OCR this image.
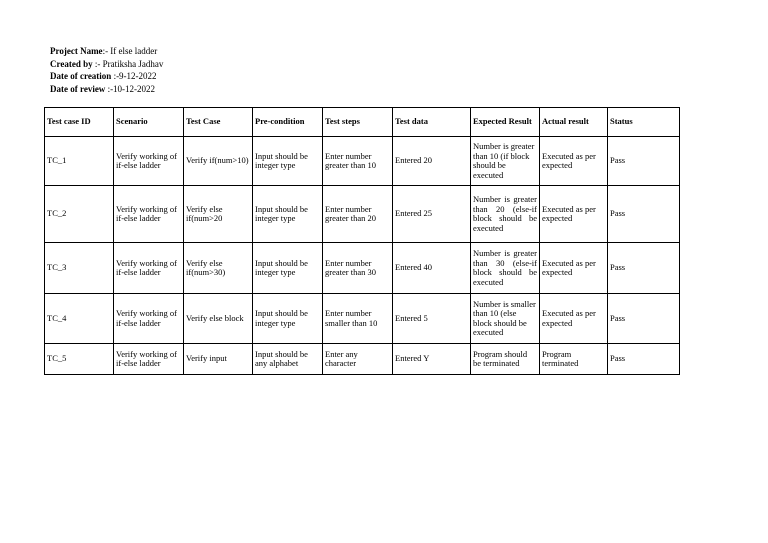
Project Name:- If else ladder
Created by :- Pratiksha Jadhav
Date of creation :-9-12-2022
Date of review :-10-12-2022
Test case ID	Scenario	Test Case	Pre-condition	Test steps	Test data	Expected Result	Actual result	Status
TC_1	Verify working of if-else ladder	Verify if(num>10)	Input should be integer type	Enter number greater than 10	Entered 20	Number is greater than 10 (if block should be executed	Executed as per expected	Pass
TC_2	Verify working of if-else ladder	Verify else if(num>20	Input should be integer type	Enter number greater than 20	Entered 25	Number is greater than 20 (else-if block should be executed	Executed as per expected	Pass
TC_3	Verify working of if-else ladder	Verify else if(num>30)	Input should be integer type	Enter number greater than 30	Entered 40	Number is greater than 30 (else-if block should be executed	Executed as per expected	Pass
TC_4	Verify working of if-else ladder	Verify else block	Input should be integer type	Enter number smaller than 10	Entered 5	Number is smaller than 10 (else block should be executed	Executed as per expected	Pass
TC_5	Verify working of if-else ladder	Verify input	Input should be any alphabet	Enter any character	Entered Y	Program should be terminated	Program terminated	Pass
